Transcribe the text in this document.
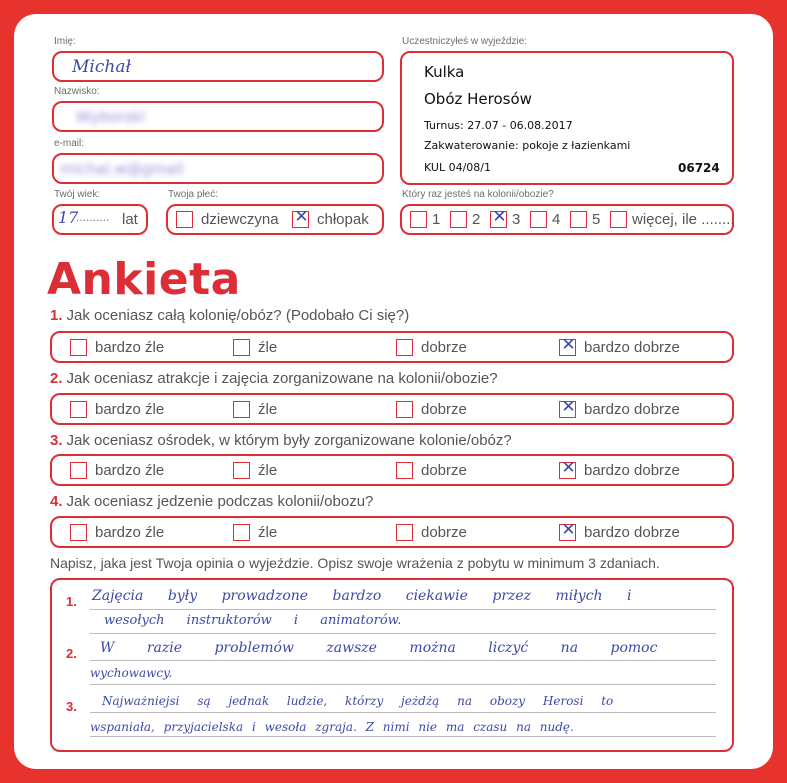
Imię:
Michał
Nazwisko:
Wyborski
e-mail:
michal.w@gmail
Uczestniczyłeś w wyjeździe:
Kulka
Obóz Herosów
Turnus: 27.07 - 06.08.2017
Zakwaterowanie: pokoje z łazienkami
KUL 04/08/1	06724
Twój wiek:
17
.......... lat
Twoja płeć:
dziewczyna ✕ chłopak
Który raz jesteś na kolonii/obozie?
1 2 ✕ 3 4 5 więcej, ile ........
Ankieta
1. Jak oceniasz całą kolonię/obóz? (Podobało Ci się?)
bardzo źle	źle	dobrze	✕ bardzo dobrze
2. Jak oceniasz atrakcje i zajęcia zorganizowane na kolonii/obozie?
bardzo źle	źle	dobrze	✕ bardzo dobrze
3. Jak oceniasz ośrodek, w którym były zorganizowane kolonie/obóz?
bardzo źle	źle	dobrze	✕ bardzo dobrze
4. Jak oceniasz jedzenie podczas kolonii/obozu?
bardzo źle	źle	dobrze	✕ bardzo dobrze
Napisz, jaka jest Twoja opinia o wyjeździe. Opisz swoje wrażenia z pobytu w minimum 3 zdaniach.
1. Zajęcia były prowadzone bardzo ciekawie przez miłych i
wesołych instruktorów i animatorów.
2. W razie problemów zawsze można liczyć na pomoc
wychowawcy.
3. Najważniejsi są jednak ludzie, którzy jeżdżą na obozy Herosi to
wspaniała, przyjacielska i wesoła zgraja. Z nimi nie ma czasu na nudę.
